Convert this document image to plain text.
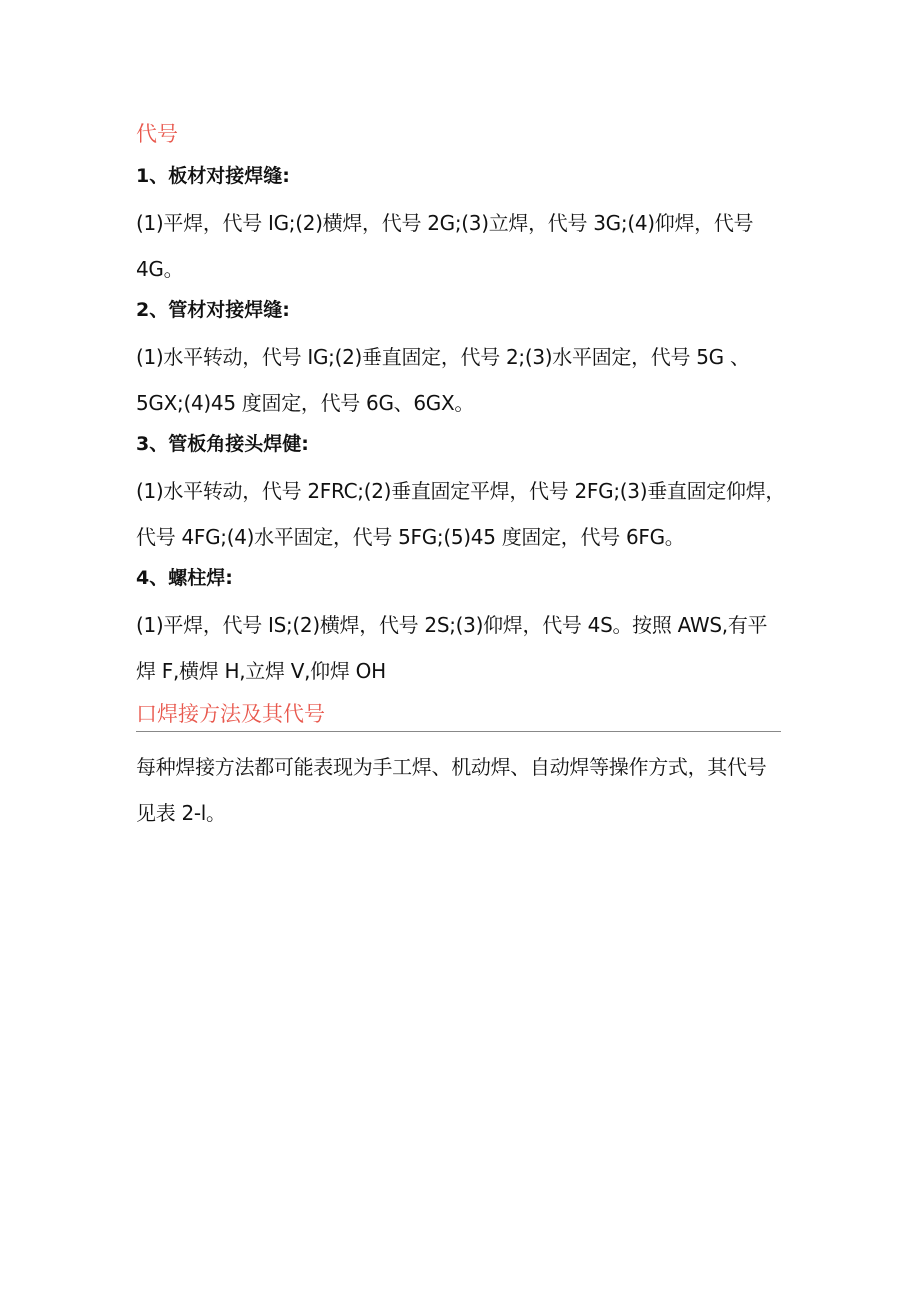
代号
1、板材对接焊缝:
(1)平焊，代号 IG;(2)横焊，代号 2G;(3)立焊，代号 3G;(4)仰焊，代号 4G。
2、管材对接焊缝:
(1)水平转动，代号 IG;(2)垂直固定，代号 2;(3)水平固定，代号 5G 、5GX;(4)45 度固定，代号 6G、6GX。
3、管板角接头焊健:
(1)水平转动，代号 2FRC;(2)垂直固定平焊，代号 2FG;(3)垂直固定仰焊，代号 4FG;(4)水平固定，代号 5FG;(5)45 度固定，代号 6FG。
4、螺柱焊:
(1)平焊，代号 IS;(2)横焊，代号 2S;(3)仰焊，代号 4S。按照 AWS,有平焊 F,横焊 H,立焊 V,仰焊 OH
口焊接方法及其代号
每种焊接方法都可能表现为手工焊、机动焊、自动焊等操作方式，其代号见表 2-l。
